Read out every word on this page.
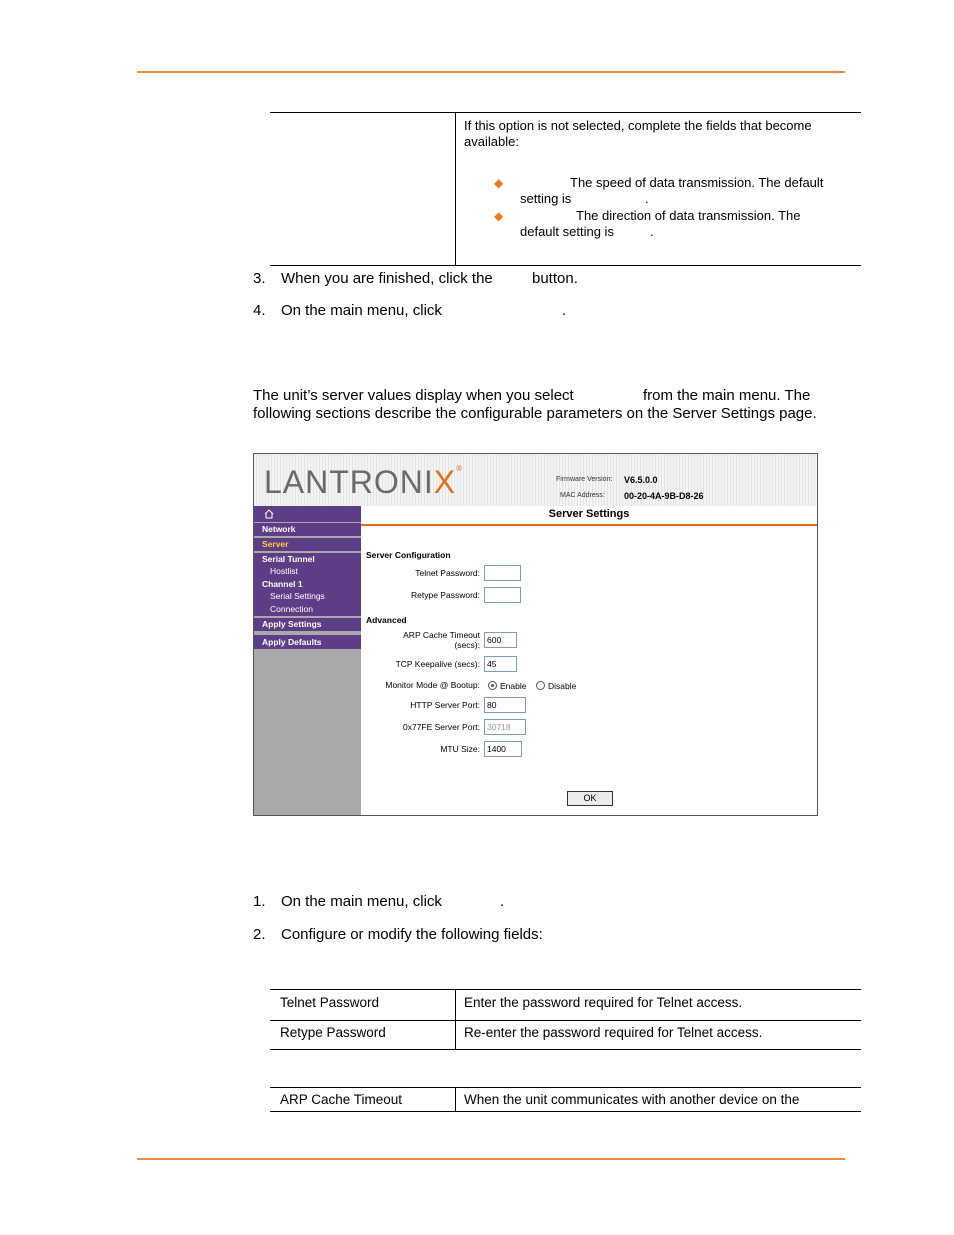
If this option is not selected, complete the fields that become
available:
◆	The speed of data transmission. The default
setting is	.
◆	The direction of data transmission. The
default setting is	.
3. When you are finished, click the	button.
4. On the main menu, click	.
The unit’s server values display when you select	from the main menu. The
following sections describe the configurable parameters on the Server Settings page.
LANTRONIX®
Firmware Version: V6.5.0.0
MAC Address: 00-20-4A-9B-D8-26
Network
Server
Serial Tunnel
Hostlist
Channel 1
Serial Settings
Connection
Apply Settings
Apply Defaults
Server Settings
Server Configuration
Telnet Password:
Retype Password:
Advanced
ARP Cache Timeout
(secs): 600
TCP Keepalive (secs): 45
Monitor Mode @ Bootup: Enable	Disable
HTTP Server Port: 80
0x77FE Server Port: 30718
MTU Size: 1400
OK
1. On the main menu, click	.
2. Configure or modify the following fields:
Telnet Password	Enter the password required for Telnet access.
Retype Password	Re-enter the password required for Telnet access.
ARP Cache Timeout	When the unit communicates with another device on the
